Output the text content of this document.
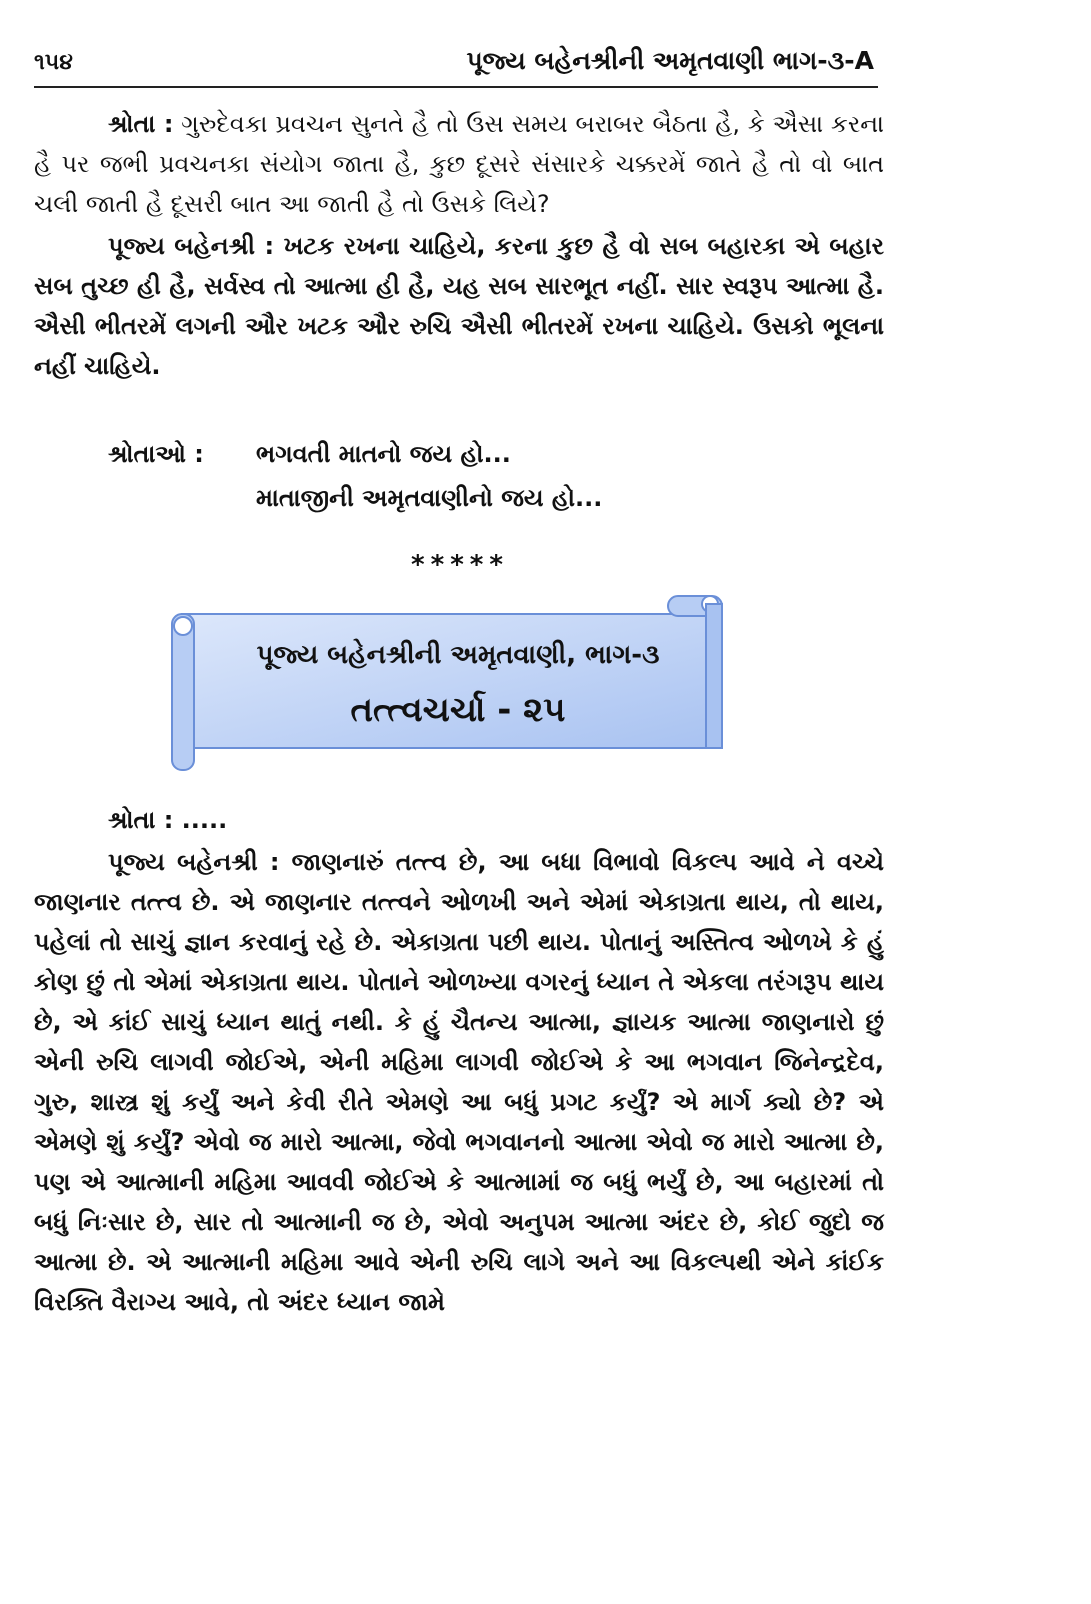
૧૫૪	પૂજ્ય બહેનશ્રીની અમૃતવાણી ભાગ-૩-A

શ્રોતા : ગુરુદેવકા પ્રવચન સુનતે હૈ તો ઉસ સમય બરાબર બૈઠતા હૈ, કે ઐસા કરના હૈ પર જભી પ્રવચનકા સંયોગ જાતા હૈ, કુછ દૂસરે સંસારકે ચક્કરમેં જાતે હૈ તો વો બાત ચલી જાતી હૈ દૂસરી બાત આ જાતી હૈ તો ઉસકે લિયે?

પૂજ્ય બહેનશ્રી : ખટક રખના ચાહિયે, કરના કુછ હૈ વો સબ બહારકા એ બહાર સબ તુચ્છ હી હૈ, સર્વસ્વ તો આત્મા હી હૈ, યહ સબ સારભૂત નહીં. સાર સ્વરૂપ આત્મા હૈ. ઐસી ભીતરમેં લગની ઔર ખટક ઔર રુચિ ઐસી ભીતરમેં રખના ચાહિયે. ઉસકો ભૂલના નહીં ચાહિયે.

શ્રોતાઓ : ભગવતી માતનો જય હો...
માતાજીની અમૃતવાણીનો જય હો...
*****
પૂજ્ય બહેનશ્રીની અમૃતવાણી, ભાગ-૩
તત્ત્વચર્ચા - ૨૫

શ્રોતા : .....

પૂજ્ય બહેનશ્રી : જાણનારું તત્ત્વ છે, આ બધા વિભાવો વિકલ્પ આવે ને વચ્ચે જાણનાર તત્ત્વ છે. એ જાણનાર તત્ત્વને ઓળખી અને એમાં એકાગ્રતા થાય, તો થાય, પહેલાં તો સાચું જ્ઞાન કરવાનું રહે છે. એકાગ્રતા પછી થાય. પોતાનું અસ્તિત્વ ઓળખે કે હું કોણ છું તો એમાં એકાગ્રતા થાય. પોતાને ઓળખ્યા વગરનું ધ્યાન તે એકલા તરંગરૂપ થાય છે, એ કાંઈ સાચું ધ્યાન થાતું નથી. કે હું ચૈતન્ય આત્મા, જ્ઞાયક આત્મા જાણનારો છું એની રુચિ લાગવી જોઈએ, એની મહિમા લાગવી જોઈએ કે આ ભગવાન જિનેન્દ્રદેવ, ગુરુ, શાસ્ત્ર શું કર્યું અને કેવી રીતે એમણે આ બધું પ્રગટ કર્યું? એ માર્ગ ક્યો છે? એ એમણે શું કર્યું? એવો જ મારો આત્મા, જેવો ભગવાનનો આત્મા એવો જ મારો આત્મા છે, પણ એ આત્માની મહિમા આવવી જોઈએ કે આત્મામાં જ બધું ભર્યું છે, આ બહારમાં તો બધું નિઃસાર છે, સાર તો આત્માની જ છે, એવો અનુપમ આત્મા અંદર છે, કોઈ જુદો જ આત્મા છે. એ આત્માની મહિમા આવે એની રુચિ લાગે અને આ વિકલ્પથી એને કાંઈક વિરક્તિ વૈરાગ્ય આવે, તો અંદર ધ્યાન જામે
